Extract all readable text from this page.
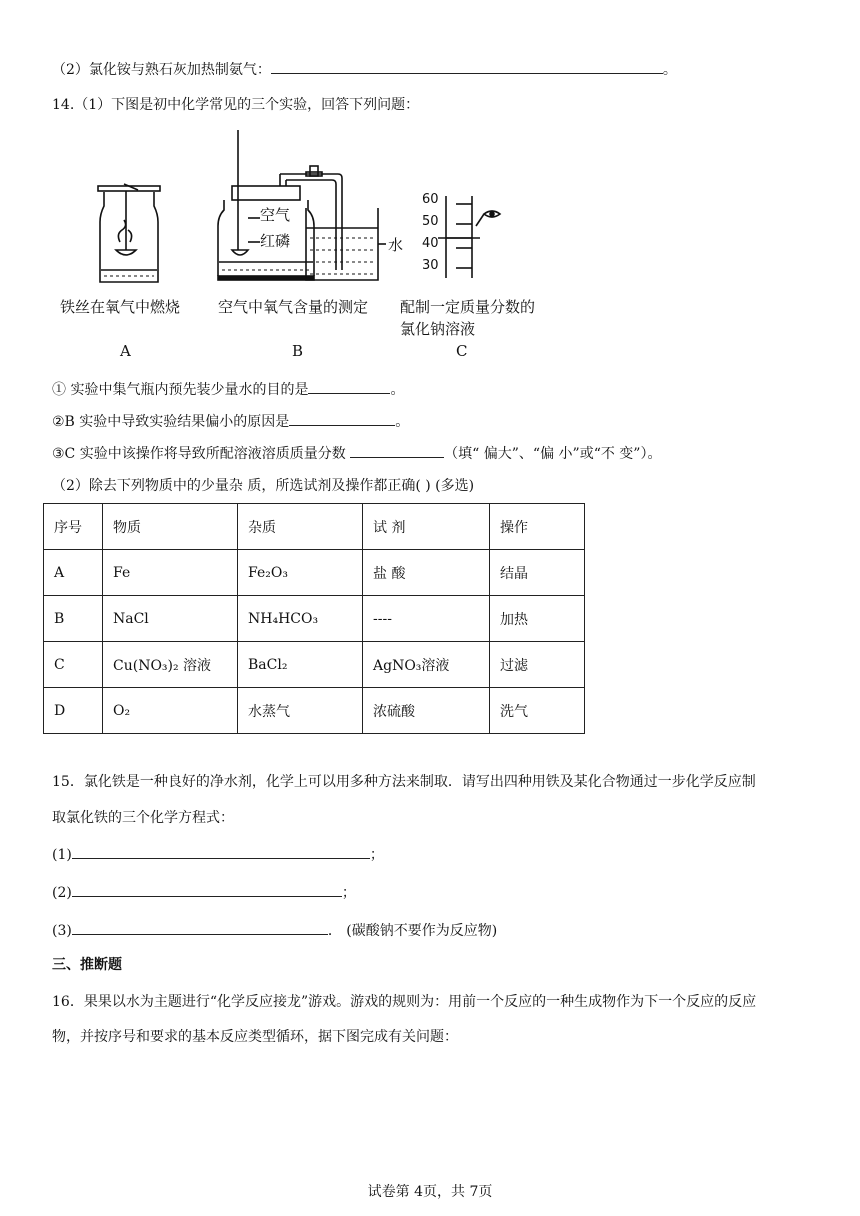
（2）氯化铵与熟石灰加热制氨气：	。
14.（1）下图是初中化学常见的三个实验，回答下列问题：
空气
红磷	水
60
50
40
30
铁丝在氧气中燃烧	空气中氧气含量的测定 配制一定质量分数的
氯化钠溶液
A	B	C
① 实验中集气瓶内预先装少量水的目的是	。
②B 实验中导致实验结果偏小的原因是	。
③C 实验中该操作将导致所配溶液溶质质量分数	（填“ 偏大”、“偏 小”或“不 变”）。
（2）除去下列物质中的少量杂 质，所选试剂及操作都正确( ) (多选)
序号	物质	杂质	试 剂	操作
A	Fe	Fe₂O₃	盐 酸	结晶
B	NaCl	NH₄HCO₃	----	加热
C	Cu(NO₃)₂ 溶液	BaCl₂	AgNO₃溶液	过滤
D	O₂	水蒸气	浓硫酸	洗气
15．氯化铁是一种良好的净水剂，化学上可以用多种方法来制取．请写出四种用铁及某化合物通过一步化学反应制
取氯化铁的三个化学方程式：
(1)	；
(2)	；
(3)	． (碳酸钠不要作为反应物)
三、推断题
16．果果以水为主题进行“化学反应接龙”游戏。游戏的规则为：用前一个反应的一种生成物作为下一个反应的反应
物，并按序号和要求的基本反应类型循环，据下图完成有关问题：
试卷第 4页，共 7页
